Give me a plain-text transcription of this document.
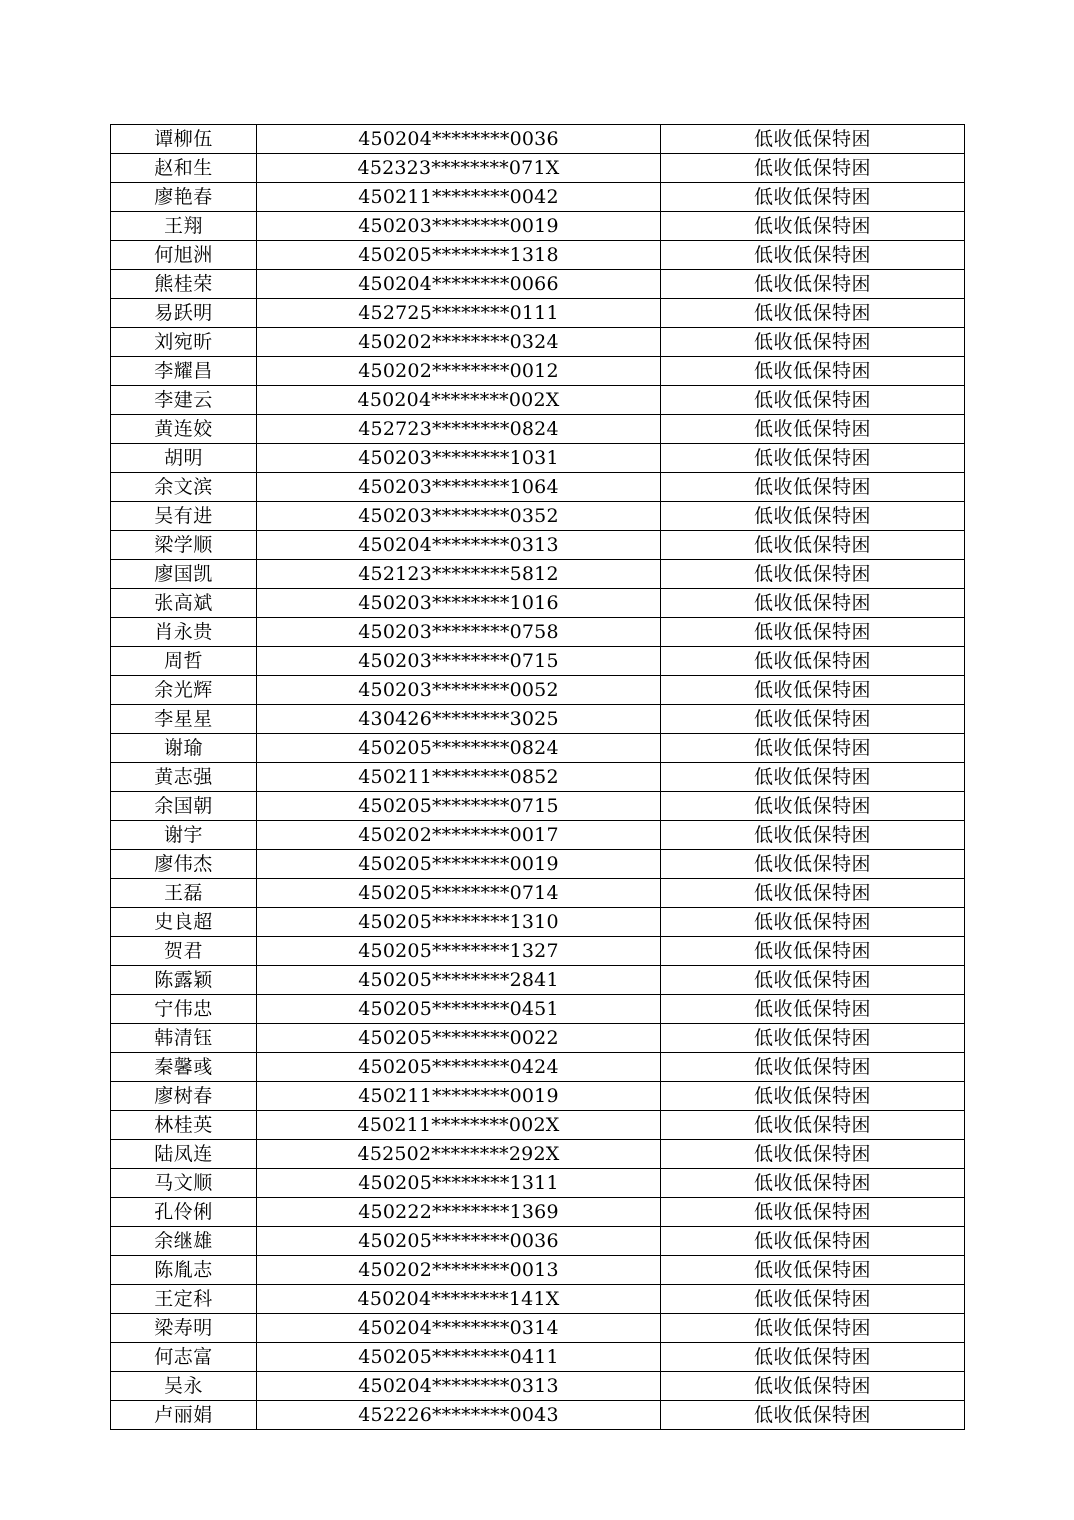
谭柳伍	450204********0036	低收低保特困
赵和生	452323********071X	低收低保特困
廖艳春	450211********0042	低收低保特困
王翔	450203********0019	低收低保特困
何旭洲	450205********1318	低收低保特困
熊桂荣	450204********0066	低收低保特困
易跃明	452725********0111	低收低保特困
刘宛昕	450202********0324	低收低保特困
李耀昌	450202********0012	低收低保特困
李建云	450204********002X	低收低保特困
黄连姣	452723********0824	低收低保特困
胡明	450203********1031	低收低保特困
余文滨	450203********1064	低收低保特困
吴有进	450203********0352	低收低保特困
梁学顺	450204********0313	低收低保特困
廖国凯	452123********5812	低收低保特困
张高斌	450203********1016	低收低保特困
肖永贵	450203********0758	低收低保特困
周哲	450203********0715	低收低保特困
余光辉	450203********0052	低收低保特困
李星星	430426********3025	低收低保特困
谢瑜	450205********0824	低收低保特困
黄志强	450211********0852	低收低保特困
余国朝	450205********0715	低收低保特困
谢宇	450202********0017	低收低保特困
廖伟杰	450205********0019	低收低保特困
王磊	450205********0714	低收低保特困
史良超	450205********1310	低收低保特困
贺君	450205********1327	低收低保特困
陈露颖	450205********2841	低收低保特困
宁伟忠	450205********0451	低收低保特困
韩清钰	450205********0022	低收低保特困
秦馨彧	450205********0424	低收低保特困
廖树春	450211********0019	低收低保特困
林桂英	450211********002X	低收低保特困
陆凤连	452502********292X	低收低保特困
马文顺	450205********1311	低收低保特困
孔伶俐	450222********1369	低收低保特困
余继雄	450205********0036	低收低保特困
陈胤志	450202********0013	低收低保特困
王定科	450204********141X	低收低保特困
梁寿明	450204********0314	低收低保特困
何志富	450205********0411	低收低保特困
吴永	450204********0313	低收低保特困
卢丽娟	452226********0043	低收低保特困
